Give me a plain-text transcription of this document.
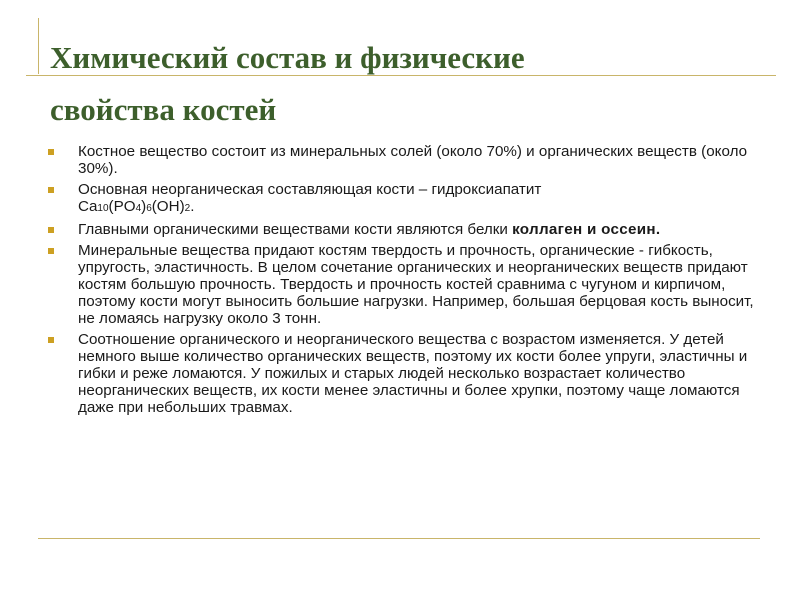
Химический состав и физические
свойства костей
Костное вещество состоит из минеральных солей (около 70%) и органических веществ (около 30%).
Основная неорганическая составляющая кости – гидроксиапатит
Ca10(PO4)6(OH)2.
Главными органическими веществами кости являются белки коллаген и оссеин.
Минеральные вещества придают костям твердость и прочность, органические - гибкость, упругость, эластичность. В целом сочетание органических и неорганических веществ придают костям большую прочность. Твердость и прочность костей сравнима с чугуном и кирпичом, поэтому кости могут выносить большие нагрузки. Например, большая берцовая кость выносит, не ломаясь нагрузку около 3 тонн.
Соотношение органического и неорганического вещества с возрастом изменяется. У детей немного выше количество органических веществ, поэтому их кости более упруги, эластичны и гибки и реже ломаются. У пожилых и старых людей несколько возрастает количество неорганических веществ, их кости менее эластичны и более хрупки, поэтому чаще ломаются даже при небольших травмах.
